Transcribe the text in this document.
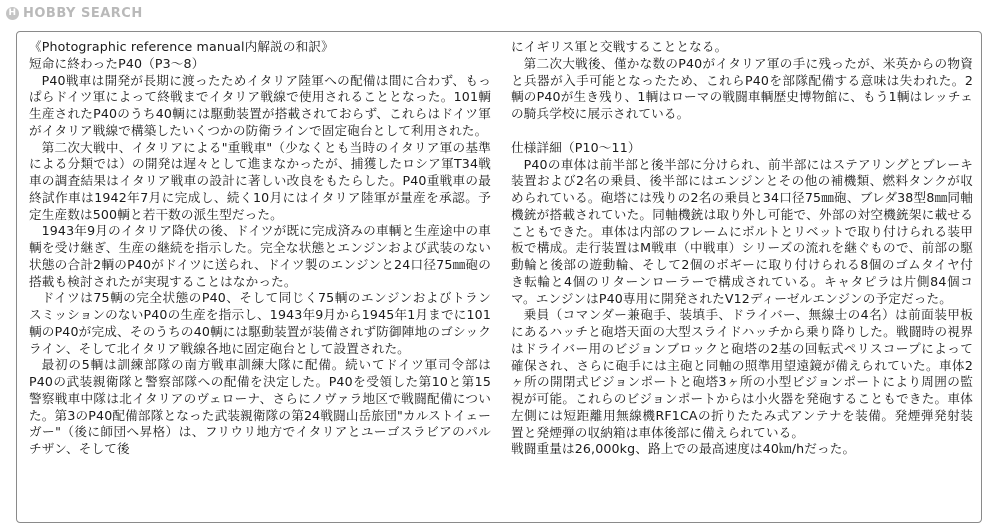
H HOBBY SEARCH

《Photographic reference manual内解説の和訳》

短命に終わったP40（P3～8）

P40戦車は開発が長期に渡ったためイタリア陸軍への配備は間に合わず、もっぱらドイツ軍によって終戦までイタリア戦線で使用されることとなった。101輌生産されたP40のうち40輌には駆動装置が搭載されておらず、これらはドイツ軍がイタリア戦線で構築したいくつかの防衛ラインで固定砲台として利用された。

第二次大戦中、イタリアによる"重戦車"（少なくとも当時のイタリア軍の基準による分類では）の開発は遅々として進まなかったが、捕獲したロシア軍T34戦車の調査結果はイタリア戦車の設計に著しい改良をもたらした。P40重戦車の最終試作車は1942年7月に完成し、続く10月にはイタリア陸軍が量産を承認。予定生産数は500輌と若干数の派生型だった。

1943年9月のイタリア降伏の後、ドイツが既に完成済みの車輌と生産途中の車輌を受け継ぎ、生産の継続を指示した。完全な状態とエンジンおよび武装のない状態の合計2輌のP40がドイツに送られ、ドイツ製のエンジンと24口径75㎜砲の搭載も検討されたが実現することはなかった。

ドイツは75輌の完全状態のP40、そして同じく75輌のエンジンおよびトランスミッションのないP40の生産を指示し、1943年9月から1945年1月までに101輌のP40が完成、そのうちの40輌には駆動装置が装備されず防御陣地のゴシックライン、そして北イタリア戦線各地に固定砲台として設置された。

最初の5輌は訓練部隊の南方戦車訓練大隊に配備。続いてドイツ軍司令部はP40の武装親衛隊と警察部隊への配備を決定した。P40を受領した第10と第15警察戦車中隊は北イタリアのヴェローナ、さらにノヴァラ地区で戦闘配備についた。第3のP40配備部隊となった武装親衛隊の第24戦闘山岳旅団"カルストイェーガー"（後に師団へ昇格）は、フリウリ地方でイタリアとユーゴスラビアのパルチザン、そして後

にイギリス軍と交戦することとなる。

第二次大戦後、僅かな数のP40がイタリア軍の手に残ったが、米英からの物資と兵器が入手可能となったため、これらP40を部隊配備する意味は失われた。2輌のP40が生き残り、1輌はローマの戦闘車輌歴史博物館に、もう1輌はレッチェの騎兵学校に展示されている。

仕様詳細（P10～11）

P40の車体は前半部と後半部に分けられ、前半部にはステアリングとブレーキ装置および2名の乗員、後半部にはエンジンとその他の補機類、燃料タンクが収められている。砲塔には残りの2名の乗員と34口径75㎜砲、ブレダ38型8㎜同軸機銃が搭載されていた。同軸機銃は取り外し可能で、外部の対空機銃架に載せることもできた。車体は内部のフレームにボルトとリベットで取り付けられる装甲板で構成。走行装置はM戦車（中戦車）シリーズの流れを継ぐもので、前部の駆動輪と後部の遊動輪、そして2個のボギーに取り付けられる8個のゴムタイヤ付き転輪と4個のリターンローラーで構成されている。キャタピラは片側84個コマ。エンジンはP40専用に開発されたV12ディーゼルエンジンの予定だった。

乗員（コマンダー兼砲手、装填手、ドライバー、無線士の4名）は前面装甲板にあるハッチと砲塔天面の大型スライドハッチから乗り降りした。戦闘時の視界はドライバー用のビジョンブロックと砲塔の2基の回転式ペリスコープによって確保され、さらに砲手には主砲と同軸の照準用望遠鏡が備えられていた。車体2ヶ所の開閉式ビジョンポートと砲塔3ヶ所の小型ビジョンポートにより周囲の監視が可能。これらのビジョンポートからは小火器を発砲することもできた。車体左側には短距離用無線機RF1CAの折りたたみ式アンテナを装備。発煙弾発射装置と発煙弾の収納箱は車体後部に備えられている。

戦闘重量は26,000kg、路上での最高速度は40㎞/hだった。
